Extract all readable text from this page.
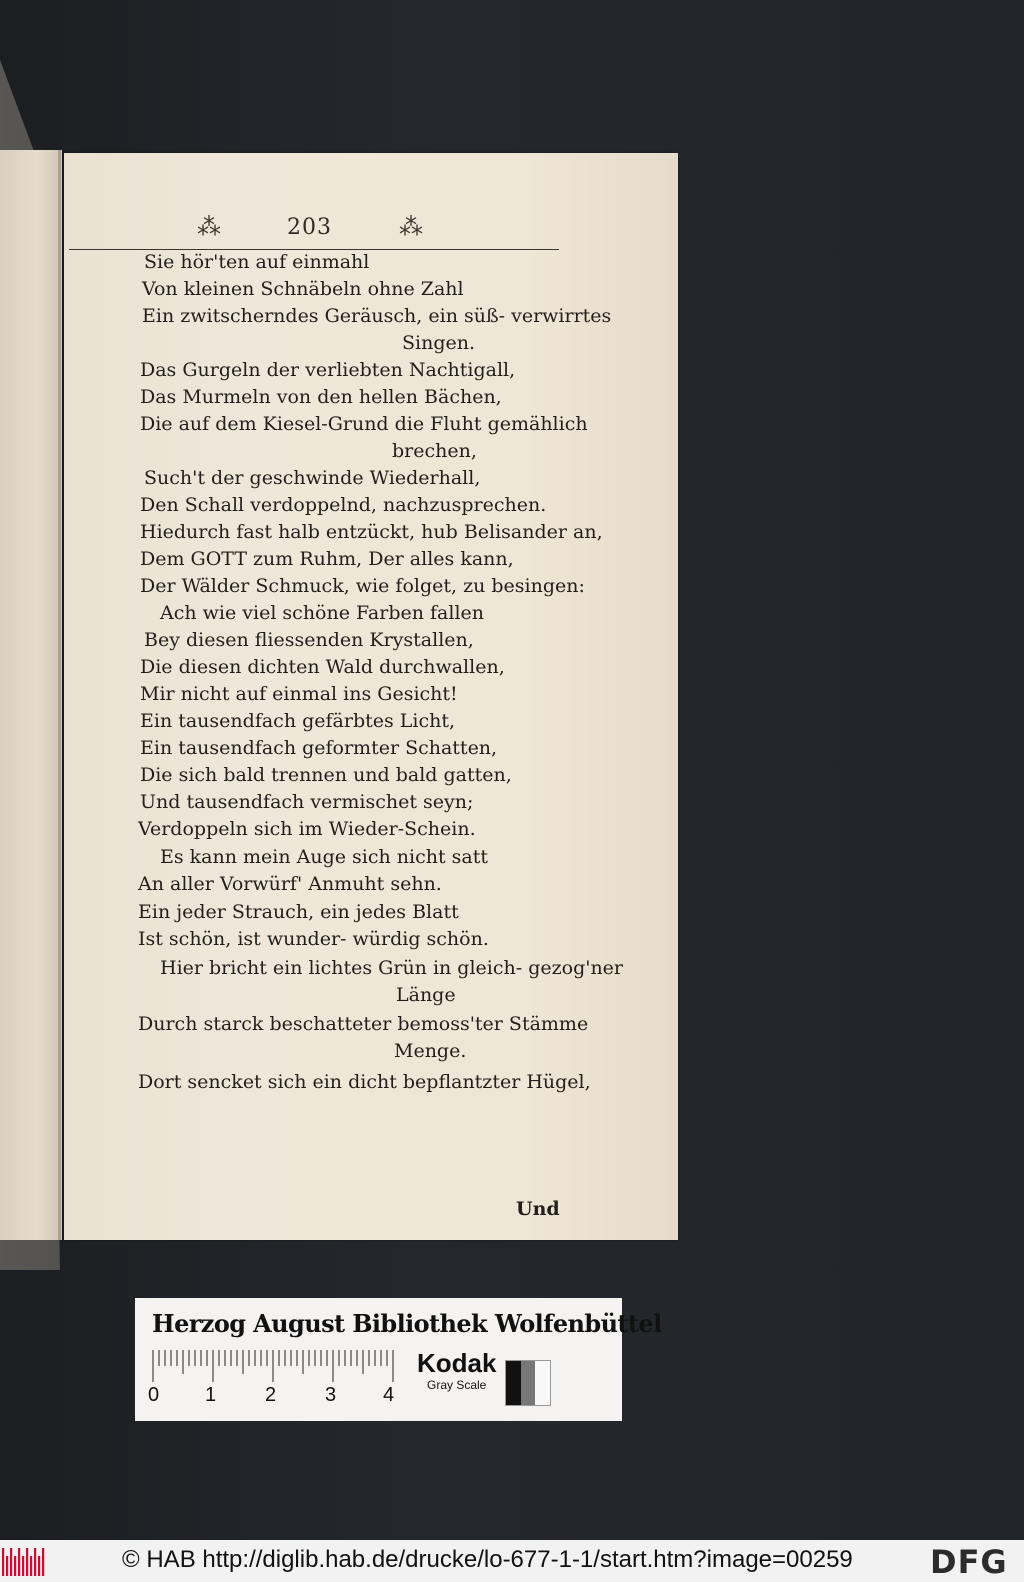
⁂	203	⁂
Sie hör'ten auf einmahl
Von kleinen Schnäbeln ohne Zahl
Ein zwitscherndes Geräusch, ein süß- verwirrtes
Singen.
Das Gurgeln der verliebten Nachtigall,
Das Murmeln von den hellen Bächen,
Die auf dem Kiesel-Grund die Fluht gemählich
brechen,
Such't der geschwinde Wiederhall,
Den Schall verdoppelnd, nachzusprechen.
Hiedurch fast halb entzückt, hub Belisander an,
Dem GOTT zum Ruhm, Der alles kann,
Der Wälder Schmuck, wie folget, zu besingen:
Ach wie viel schöne Farben fallen
Bey diesen fliessenden Krystallen,
Die diesen dichten Wald durchwallen,
Mir nicht auf einmal ins Gesicht!
Ein tausendfach gefärbtes Licht,
Ein tausendfach geformter Schatten,
Die sich bald trennen und bald gatten,
Und tausendfach vermischet seyn;
Verdoppeln sich im Wieder-Schein.
Es kann mein Auge sich nicht satt
An aller Vorwürf' Anmuht sehn.
Ein jeder Strauch, ein jedes Blatt
Ist schön, ist wunder- würdig schön.
Hier bricht ein lichtes Grün in gleich- gezog'ner
Länge
Durch starck beschatteter bemoss'ter Stämme
Menge.
Dort sencket sich ein dicht bepflantzter Hügel,
Und
Herzog August Bibliothek Wolfenbüttel
0 1 2 3 4
Kodak
Gray Scale
© HAB http://diglib.hab.de/drucke/lo-677-1-1/start.htm?image=00259 DFG
